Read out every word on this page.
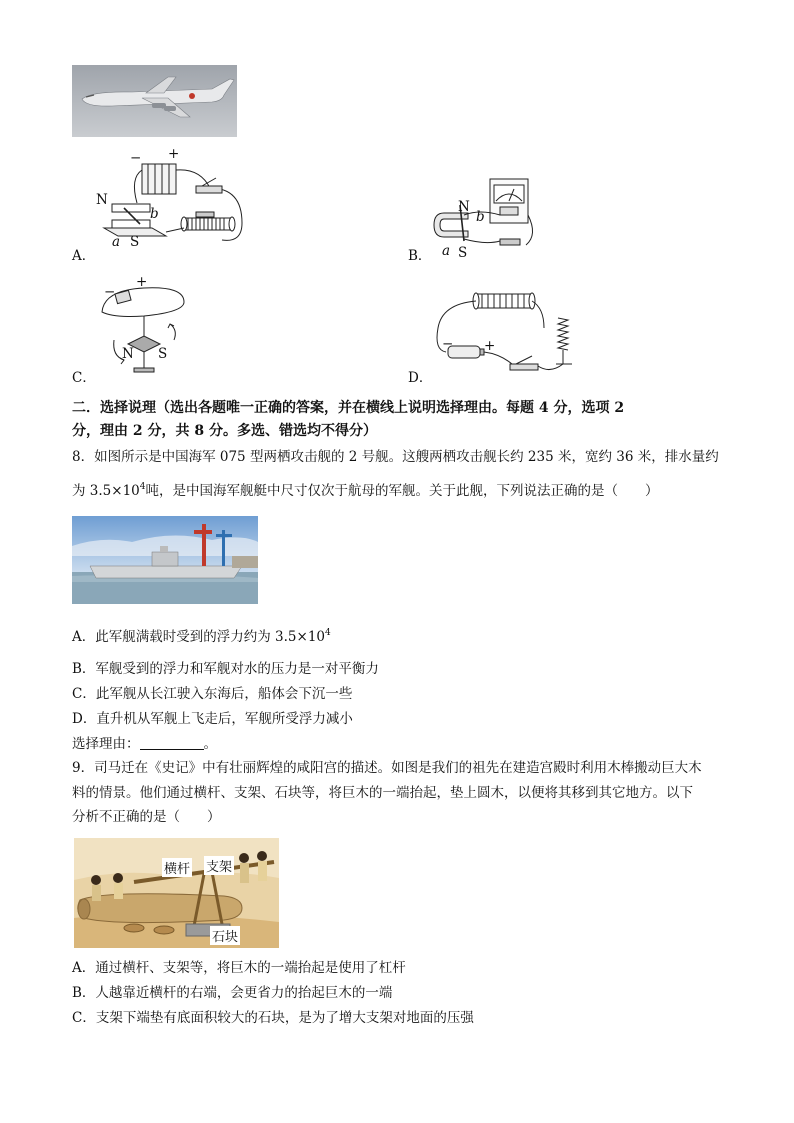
− +
N
b
a S
A．
N
b
a S
B．
−
+
N S
C．
− +
D．
二．选择说理（选出各题唯一正确的答案，并在横线上说明选择理由。每题 4 分，选项 2
分，理由 2 分，共 8 分。多选、错选均不得分）
8．如图所示是中国海军 075 型两栖攻击舰的 2 号舰。这艘两栖攻击舰长约 235 米，宽约 36 米，排水量约
为 $3.5\times 10^4$吨，是中国海军舰艇中尺寸仅次于航母的军舰。关于此舰，下列说法正确的是（　　）
A．此军舰满载时受到的浮力约为 $3.5\times 10^4$
B．军舰受到的浮力和军舰对水的压力是一对平衡力
C．此军舰从长江驶入东海后，船体会下沉一些
D．直升机从军舰上飞走后，军舰所受浮力减小
选择理由：	。
9．司马迁在《史记》中有壮丽辉煌的咸阳宫的描述。如图是我们的祖先在建造宫殿时利用木棒搬动巨大木
料的情景。他们通过横杆、支架、石块等，将巨木的一端抬起，垫上圆木，以便将其移到其它地方。以下
分析不正确的是（　　）
横杆 支架
石块
A．通过横杆、支架等，将巨木的一端抬起是使用了杠杆
B．人越靠近横杆的右端，会更省力的抬起巨木的一端
C．支架下端垫有底面积较大的石块，是为了增大支架对地面的压强
